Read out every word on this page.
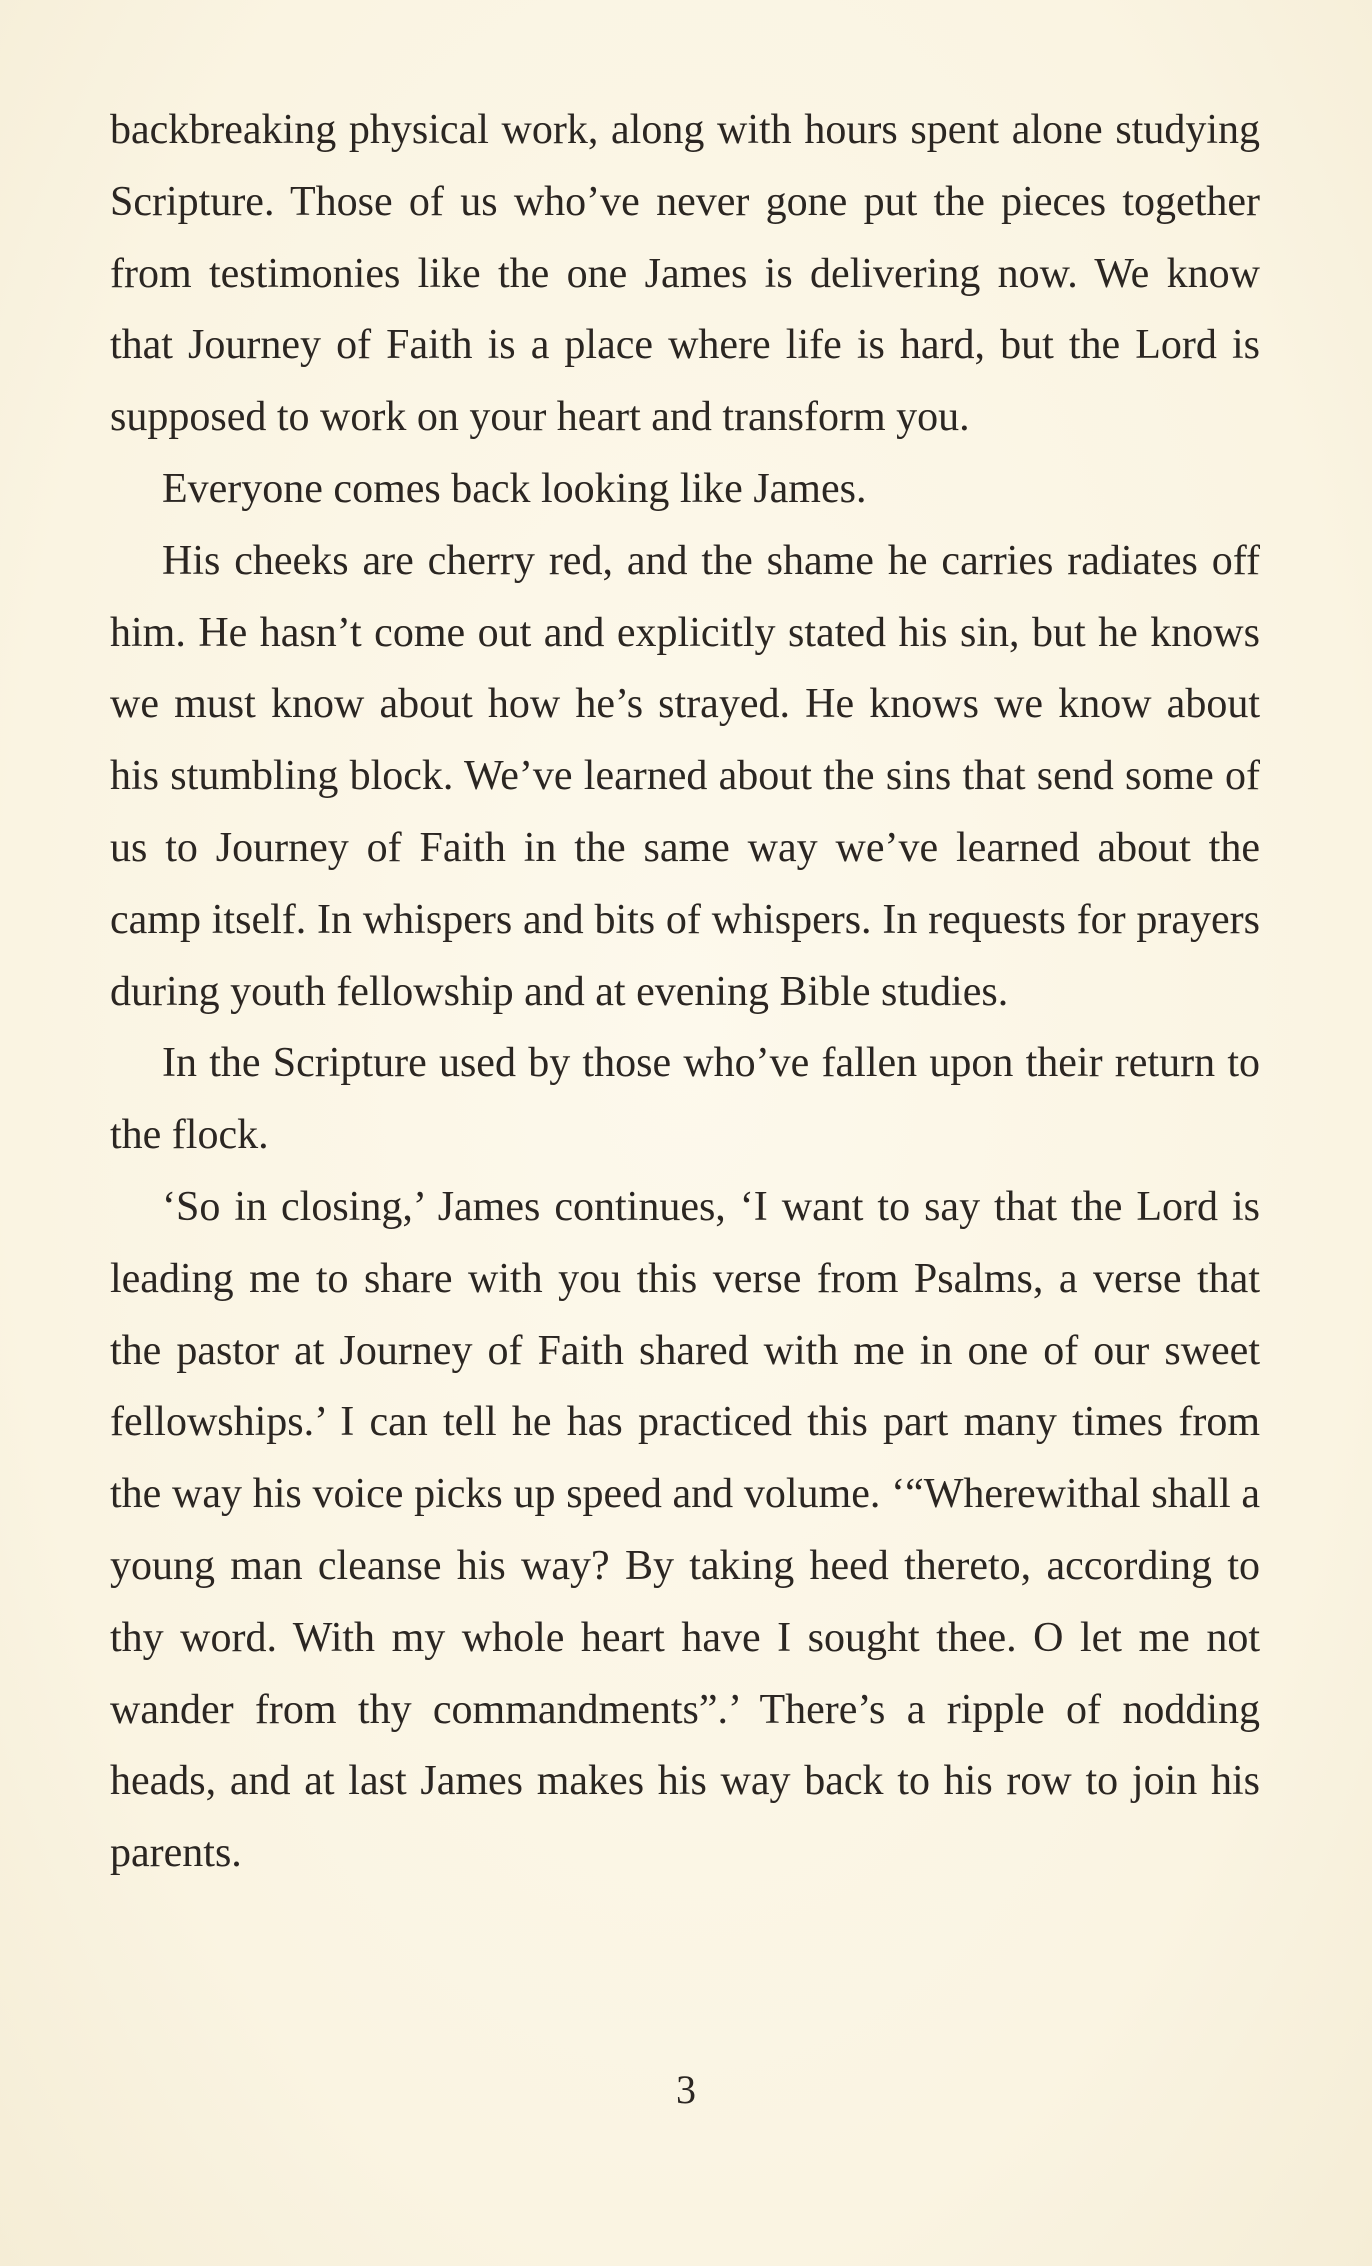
backbreaking physical work, along with hours spent alone studying Scripture. Those of us who’ve never gone put the pieces together from testimonies like the one James is delivering now. We know that Journey of Faith is a place where life is hard, but the Lord is supposed to work on your heart and transform you.

Everyone comes back looking like James.

His cheeks are cherry red, and the shame he carries radiates off him. He hasn’t come out and explicitly stated his sin, but he knows we must know about how he’s strayed. He knows we know about his stumbling block. We’ve learned about the sins that send some of us to Journey of Faith in the same way we’ve learned about the camp itself. In whispers and bits of whispers. In requests for prayers during youth fellowship and at evening Bible studies.

In the Scripture used by those who’ve fallen upon their return to the flock.

‘So in closing,’ James continues, ‘I want to say that the Lord is leading me to share with you this verse from Psalms, a verse that the pastor at Journey of Faith shared with me in one of our sweet fellowships.’ I can tell he has practiced this part many times from the way his voice picks up speed and volume. ‘“Wherewithal shall a young man cleanse his way? By taking heed thereto, according to thy word. With my whole heart have I sought thee. O let me not wander from thy commandments”.’ There’s a ripple of nodding heads, and at last James makes his way back to his row to join his parents.

3
